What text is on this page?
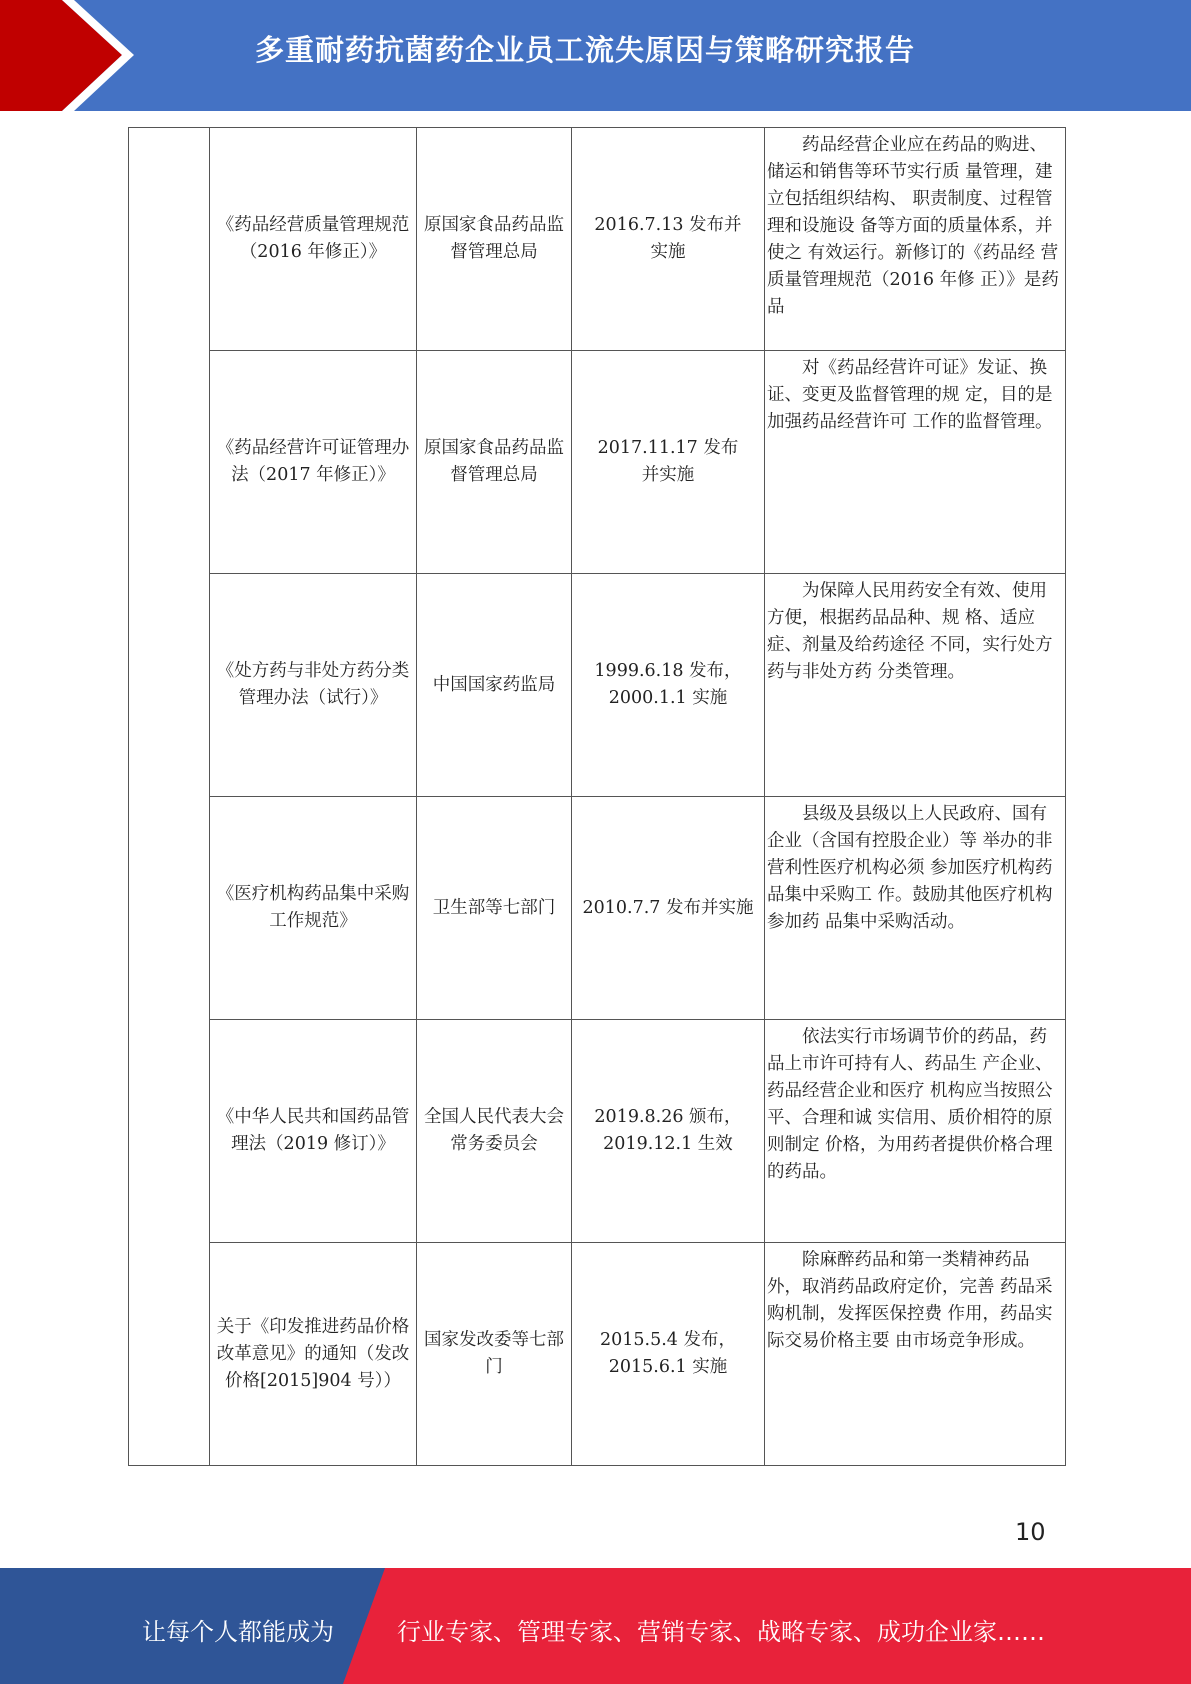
多重耐药抗菌药企业员工流失原因与策略研究报告
	《药品经营质量管理规范（2016 年修正）》	原国家食品药品监督管理总局	2016.7.13 发布并实施	药品经营企业应在药品的购进、储运和销售等环节实行质 量管理，建立包括组织结构、 职责制度、过程管理和设施设 备等方面的质量体系，并使之 有效运行。新修订的《药品经 营质量管理规范（2016 年修 正）》是药品

	《药品经营许可证管理办法（2017 年修正）》	原国家食品药品监督管理总局	2017.11.17 发布并实施	对《药品经营许可证》发证、换证、变更及监督管理的规 定，目的是加强药品经营许可 工作的监督管理。

	《处方药与非处方药分类管理办法（试行）》	中国国家药监局	1999.6.18 发布，2000.1.1 实施	为保障人民用药安全有效、使用方便，根据药品品种、规 格、适应症、剂量及给药途径 不同，实行处方药与非处方药 分类管理。

	《医疗机构药品集中采购工作规范》	卫生部等七部门	2010.7.7 发布并实施	县级及县级以上人民政府、国有企业（含国有控股企业）等 举办的非营利性医疗机构必须 参加医疗机构药品集中采购工 作。鼓励其他医疗机构参加药 品集中采购活动。

	《中华人民共和国药品管理法（2019 修订）》	全国人民代表大会常务委员会	2019.8.26 颁布，2019.12.1 生效	依法实行市场调节价的药品，药品上市许可持有人、药品生 产企业、药品经营企业和医疗 机构应当按照公平、合理和诚 实信用、质价相符的原则制定 价格，为用药者提供价格合理 的药品。

	关于《印发推进药品价格改革意见》的通知（发改价格[2015]904 号））	国家发改委等七部门	2015.5.4 发布，2015.6.1 实施	除麻醉药品和第一类精神药品外，取消药品政府定价，完善 药品采购机制，发挥医保控费 作用，药品实际交易价格主要 由市场竞争形成。
10
让每个人都能成为	行业专家、管理专家、营销专家、战略专家、成功企业家……
